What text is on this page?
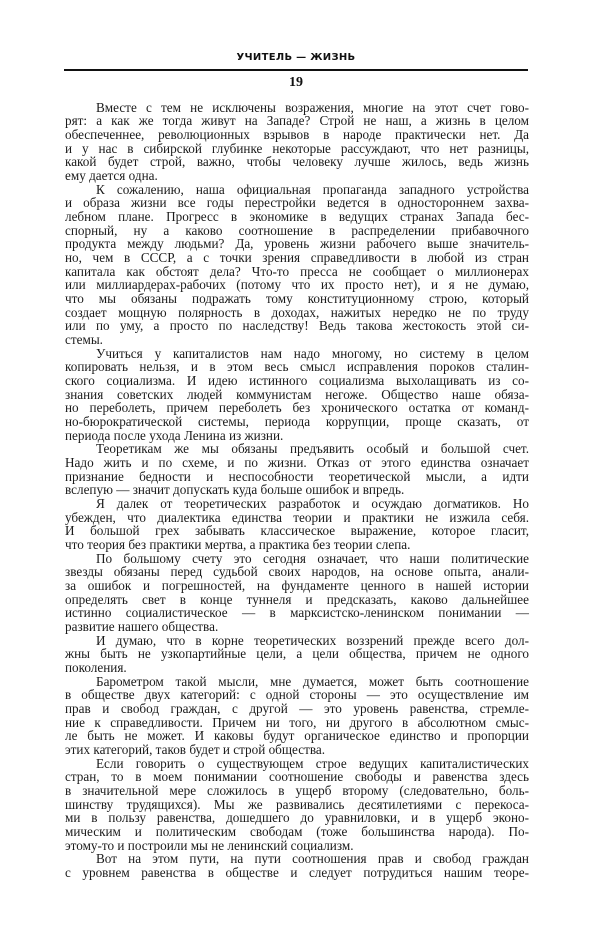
УЧИТЕЛЬ — ЖИЗНЬ
19
Вместе с тем не исключены возражения, многие на этот счет гово-
рят: а как же тогда живут на Западе? Строй не наш, а жизнь в целом
обеспеченнее, революционных взрывов в народе практически нет. Да
и у нас в сибирской глубинке некоторые рассуждают, что нет разницы,
какой будет строй, важно, чтобы человеку лучше жилось, ведь жизнь
ему дается одна.
К сожалению, наша официальная пропаганда западного устройства
и образа жизни все годы перестройки ведется в одностороннем захва-
лебном плане. Прогресс в экономике в ведущих странах Запада бес-
спорный, ну а каково соотношение в распределении прибавочного
продукта между людьми? Да, уровень жизни рабочего выше значитель-
но, чем в СССР, а с точки зрения справедливости в любой из стран
капитала как обстоят дела? Что-то пресса не сообщает о миллионерах
или миллиардерах-рабочих (потому что их просто нет), и я не думаю,
что мы обязаны подражать тому конституционному строю, который
создает мощную полярность в доходах, нажитых нередко не по труду
или по уму, а просто по наследству! Ведь такова жестокость этой си-
стемы.
Учиться у капиталистов нам надо многому, но систему в целом
копировать нельзя, и в этом весь смысл исправления пороков сталин-
ского социализма. И идею истинного социализма выхолащивать из со-
знания советских людей коммунистам негоже. Общество наше обяза-
но переболеть, причем переболеть без хронического остатка от команд-
но-бюрократической системы, периода коррупции, проще сказать, от
периода после ухода Ленина из жизни.
Теоретикам же мы обязаны предъявить особый и большой счет.
Надо жить и по схеме, и по жизни. Отказ от этого единства означает
признание бедности и неспособности теоретической мысли, а идти
вслепую — значит допускать куда больше ошибок и впредь.
Я далек от теоретических разработок и осуждаю догматиков. Но
убежден, что диалектика единства теории и практики не изжила себя.
И большой грех забывать классическое выражение, которое гласит,
что теория без практики мертва, а практика без теории слепа.
По большому счету это сегодня означает, что наши политические
звезды обязаны перед судьбой своих народов, на основе опыта, анали-
за ошибок и погрешностей, на фундаменте ценного в нашей истории
определять свет в конце туннеля и предсказать, каково дальнейшее
истинно социалистическое — в марксистско-ленинском понимании —
развитие нашего общества.
И думаю, что в корне теоретических воззрений прежде всего дол-
жны быть не узкопартийные цели, а цели общества, причем не одного
поколения.
Барометром такой мысли, мне думается, может быть соотношение
в обществе двух категорий: с одной стороны — это осуществление им
прав и свобод граждан, с другой — это уровень равенства, стремле-
ние к справедливости. Причем ни того, ни другого в абсолютном смыс-
ле быть не может. И каковы будут органическое единство и пропорции
этих категорий, таков будет и строй общества.
Если говорить о существующем строе ведущих капиталистических
стран, то в моем понимании соотношение свободы и равенства здесь
в значительной мере сложилось в ущерб второму (следовательно, боль-
шинству трудящихся). Мы же развивались десятилетиями с перекоса-
ми в пользу равенства, дошедшего до уравниловки, и в ущерб эконо-
мическим и политическим свободам (тоже большинства народа). По-
этому-то и построили мы не ленинский социализм.
Вот на этом пути, на пути соотношения прав и свобод граждан
с уровнем равенства в обществе и следует потрудиться нашим теоре-
